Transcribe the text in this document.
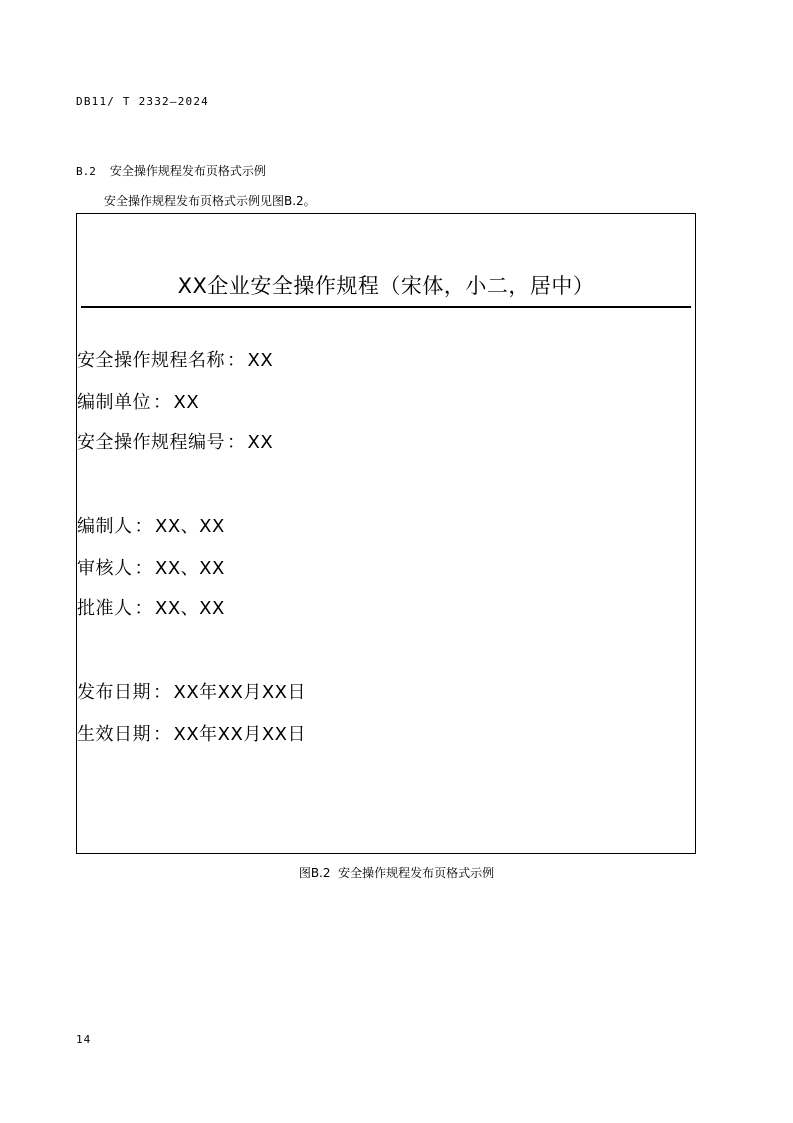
DB11/ T 2332—2024

B.2 安全操作规程发布页格式示例

安全操作规程发布页格式示例见图B.2。

XX企业安全操作规程（宋体，小二，居中）

安全操作规程名称 ： XX

编制单位 ： XX

安全操作规程编号 ： XX

编制人 ： XX、XX

审核人 ： XX、XX

批准人 ： XX、XX

发布日期 ： XX年XX月XX日

生效日期 ： XX年XX月XX日

图B.2 安全操作规程发布页格式示例

14
